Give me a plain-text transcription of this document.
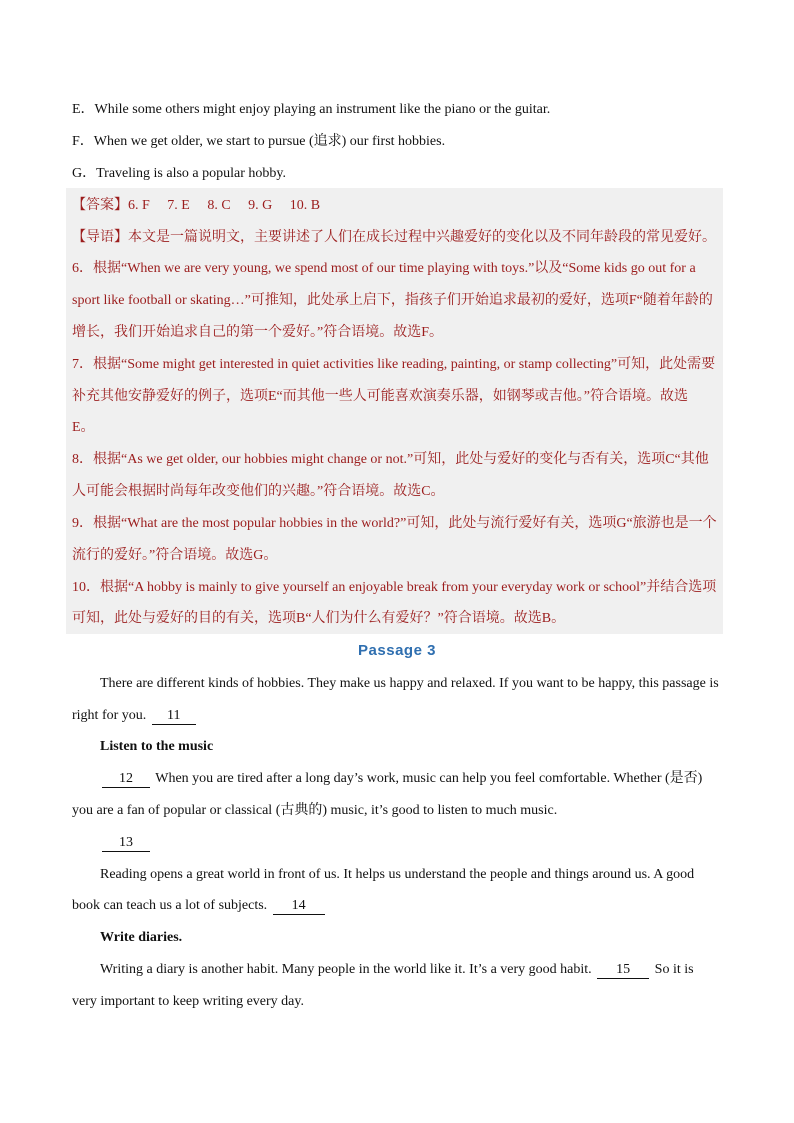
E．While some others might enjoy playing an instrument like the piano or the guitar.
F．When we get older, we start to pursue (追求) our first hobbies.
G．Traveling is also a popular hobby.
【答案】6. F　 7. E　 8. C　 9. G　 10. B
【导语】本文是一篇说明文，主要讲述了人们在成长过程中兴趣爱好的变化以及不同年龄段的常见爱好。
6．根据“When we are very young, we spend most of our time playing with toys.”以及“Some kids go out for a
sport like football or skating…”可推知，此处承上启下，指孩子们开始追求最初的爱好，选项F“随着年龄的
增长，我们开始追求自己的第一个爱好。”符合语境。故选F。
7．根据“Some might get interested in quiet activities like reading, painting, or stamp collecting”可知，此处需要
补充其他安静爱好的例子，选项E“而其他一些人可能喜欢演奏乐器，如钢琴或吉他。”符合语境。故选
E。
8．根据“As we get older, our hobbies might change or not.”可知，此处与爱好的变化与否有关，选项C“其他
人可能会根据时尚每年改变他们的兴趣。”符合语境。故选C。
9．根据“What are the most popular hobbies in the world?”可知，此处与流行爱好有关，选项G“旅游也是一个
流行的爱好。”符合语境。故选G。
10．根据“A hobby is mainly to give yourself an enjoyable break from your everyday work or school”并结合选项
可知，此处与爱好的目的有关，选项B“人们为什么有爱好？”符合语境。故选B。
Passage 3
There are different kinds of hobbies. They make us happy and relaxed. If you want to be happy, this passage is
right for you. 11
Listen to the music
12 When you are tired after a long day’s work, music can help you feel comfortable. Whether (是否)
you are a fan of popular or classical (古典的) music, it’s good to listen to much music.
13
Reading opens a great world in front of us. It helps us understand the people and things around us. A good
book can teach us a lot of subjects. 14
Write diaries.
Writing a diary is another habit. Many people in the world like it. It’s a very good habit. 15 So it is
very important to keep writing every day.
